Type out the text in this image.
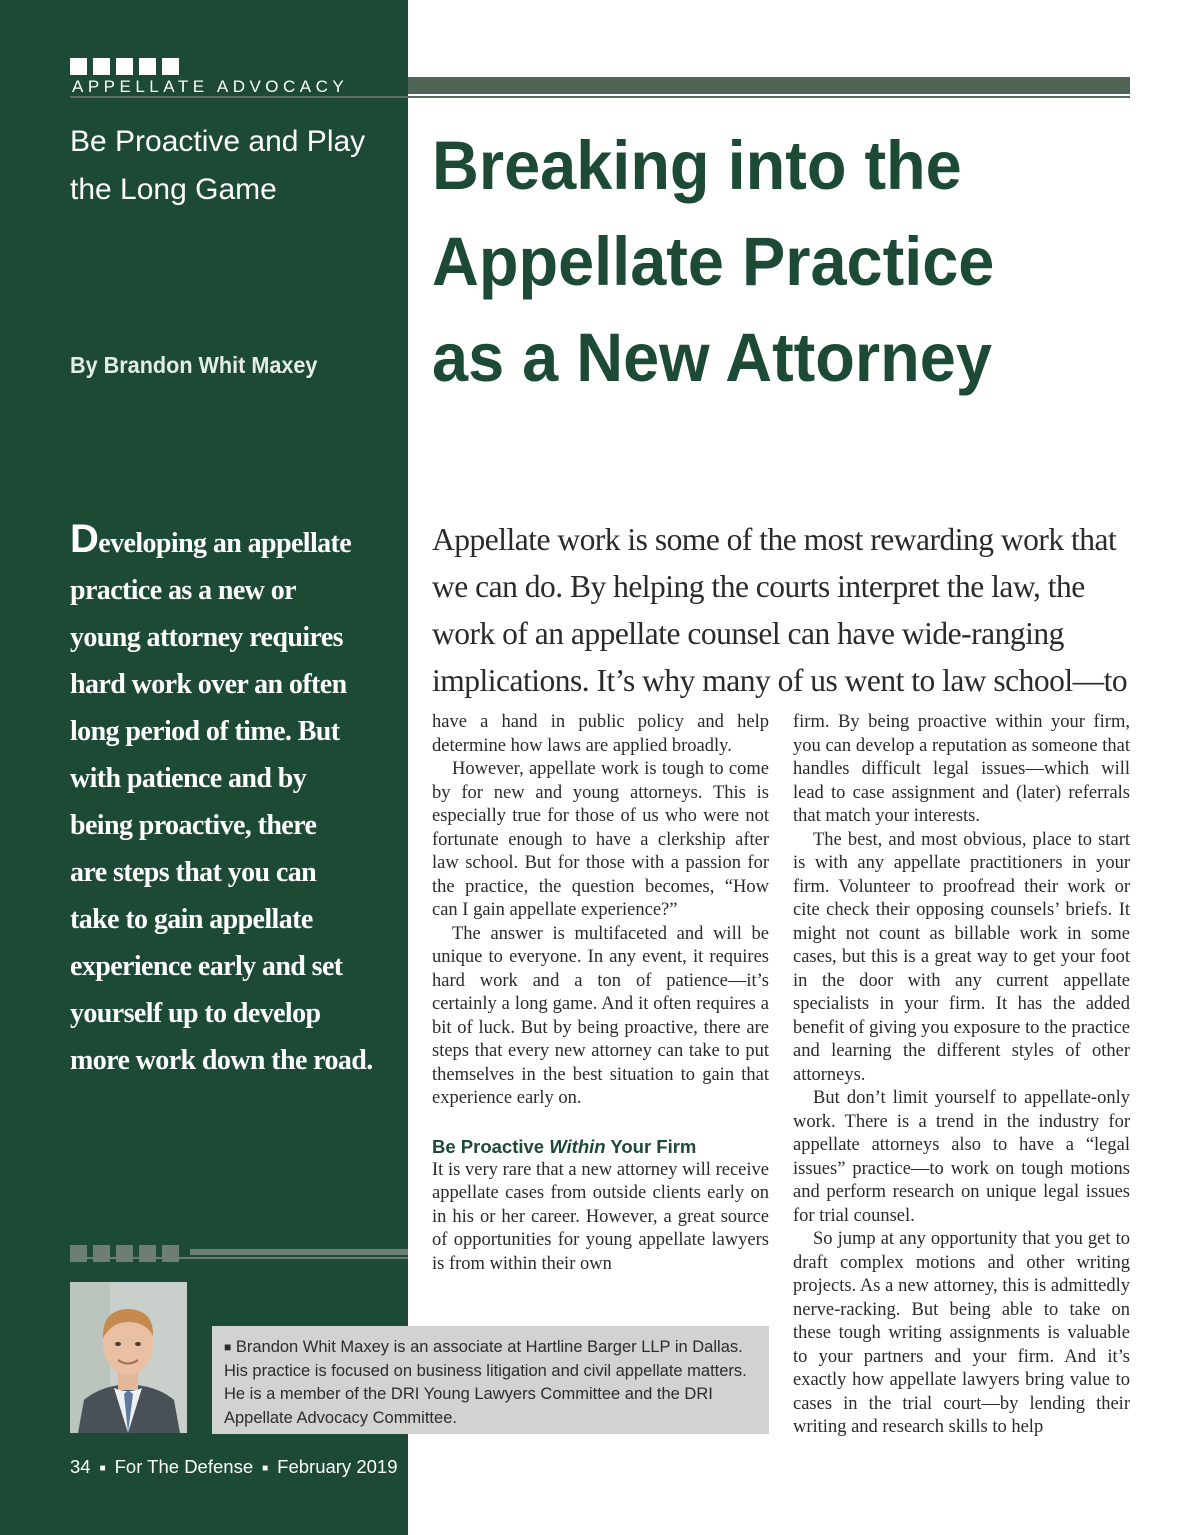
APPELLATE ADVOCACY
Be Proactive and Play the Long Game
By Brandon Whit Maxey
Breaking into the
Appellate Practice
as a New Attorney
Developing an appellate
practice as a new or
young attorney requires
hard work over an often
long period of time. But
with patience and by
being proactive, there
are steps that you can
take to gain appellate
experience early and set
yourself up to develop
more work down the road.
Appellate work is some of the most rewarding work that
we can do. By helping the courts interpret the law, the
work of an appellate counsel can have wide-ranging
implications. It’s why many of us went to law school—to

have a hand in public policy and help determine how laws are applied broadly.

However, appellate work is tough to come by for new and young attorneys. This is especially true for those of us who were not fortunate enough to have a clerkship after law school. But for those with a passion for the practice, the question becomes, “How can I gain appellate experience?”

The answer is multifaceted and will be unique to everyone. In any event, it requires hard work and a ton of patience—it’s certainly a long game. And it often requires a bit of luck. But by being proactive, there are steps that every new attorney can take to put themselves in the best situation to gain that experience early on.

Be Proactive Within Your Firm

It is very rare that a new attorney will receive appellate cases from outside clients early on in his or her career. However, a great source of opportunities for young appellate lawyers is from within their own

firm. By being proactive within your firm, you can develop a reputation as someone that handles difficult legal issues—which will lead to case assignment and (later) referrals that match your interests.

The best, and most obvious, place to start is with any appellate practitioners in your firm. Volunteer to proofread their work or cite check their opposing counsels’ briefs. It might not count as billable work in some cases, but this is a great way to get your foot in the door with any current appellate specialists in your firm. It has the added benefit of giving you exposure to the practice and learning the different styles of other attorneys.

But don’t limit yourself to appellate-only work. There is a trend in the industry for appellate attorneys also to have a “legal issues” practice—to work on tough motions and perform research on unique legal issues for trial counsel.

So jump at any opportunity that you get to draft complex motions and other writing projects. As a new attorney, this is admittedly nerve-racking. But being able to take on these tough writing assignments is valuable to your partners and your firm. And it’s exactly how appellate lawyers bring value to cases in the trial court—by lending their writing and research skills to help

■ Brandon Whit Maxey is an associate at Hartline Barger LLP in Dallas. His practice is focused on business litigation and civil appellate matters. He is a member of the DRI Young Lawyers Committee and the DRI Appellate Advocacy Committee.
34 ■ For The Defense ■ February 2019
